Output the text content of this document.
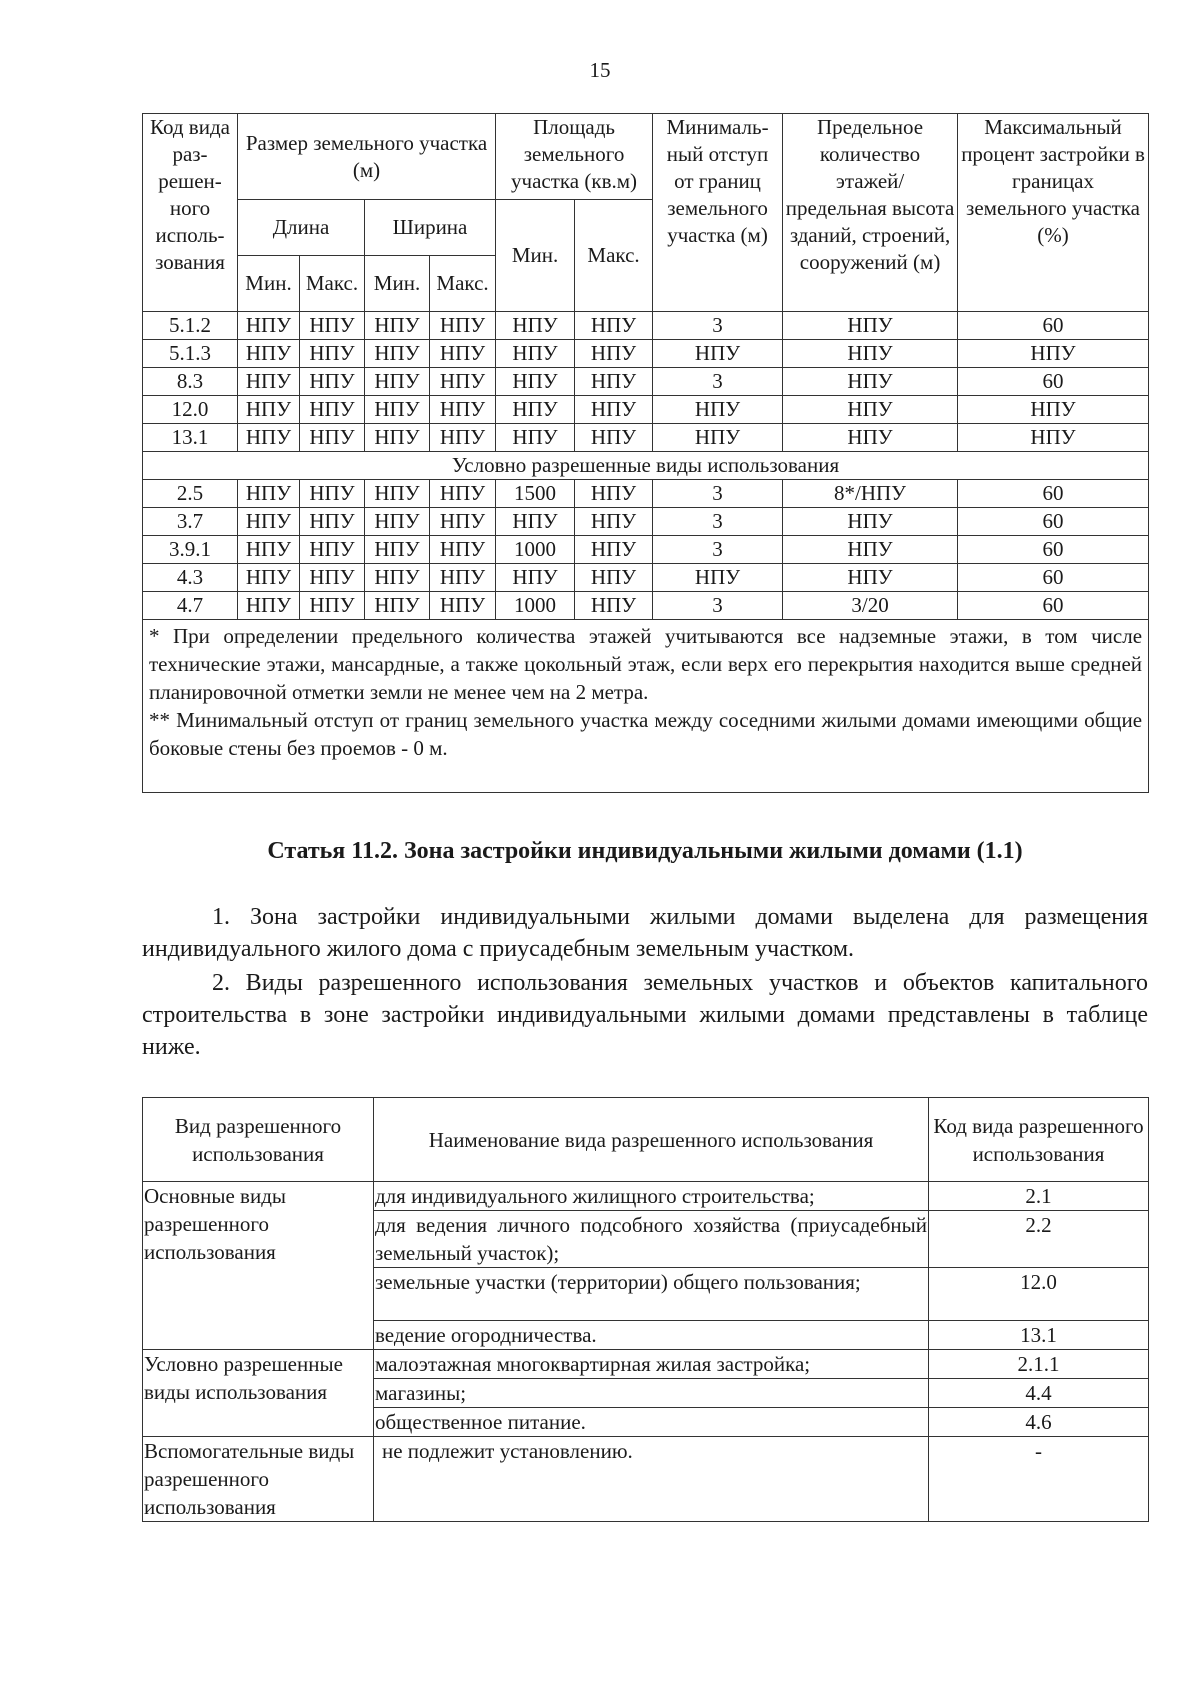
15
Код вида раз- решен- ного исполь- зования	Размер земельного участка (м)				Площадь земельного участка (кв.м)		Минималь- ный отступ от границ земельного участка (м)	Предельное количество этажей/ предельная высота зданий, строений, сооружений (м)	Максимальный процент застройки в границах земельного участка (%)
	Длина		Ширина		Мин.	Макс.			
	Мин.	Макс.	Мин.	Макс.					
5.1.2	НПУ	НПУ	НПУ	НПУ	НПУ	НПУ	3	НПУ	60
5.1.3	НПУ	НПУ	НПУ	НПУ	НПУ	НПУ	НПУ	НПУ	НПУ
8.3	НПУ	НПУ	НПУ	НПУ	НПУ	НПУ	3	НПУ	60
12.0	НПУ	НПУ	НПУ	НПУ	НПУ	НПУ	НПУ	НПУ	НПУ
13.1	НПУ	НПУ	НПУ	НПУ	НПУ	НПУ	НПУ	НПУ	НПУ
Условно разрешенные виды использования									
2.5	НПУ	НПУ	НПУ	НПУ	1500	НПУ	3	8*/НПУ	60
3.7	НПУ	НПУ	НПУ	НПУ	НПУ	НПУ	3	НПУ	60
3.9.1	НПУ	НПУ	НПУ	НПУ	1000	НПУ	3	НПУ	60
4.3	НПУ	НПУ	НПУ	НПУ	НПУ	НПУ	НПУ	НПУ	60
4.7	НПУ	НПУ	НПУ	НПУ	1000	НПУ	3	3/20	60

* При определении предельного количества этажей учитываются все надземные этажи, в том числе технические этажи, мансардные, а также цокольный этаж, если верх его перекрытия находится выше средней планировочной отметки земли не менее чем на 2 метра.

** Минимальный отступ от границ земельного участка между соседними жилыми домами имеющими общие боковые стены без проемов - 0 м.									

Статья 11.2. Зона застройки индивидуальными жилыми домами (1.1)

1. Зона застройки индивидуальными жилыми домами выделена для размещения индивидуального жилого дома с приусадебным земельным участком.

2. Виды разрешенного использования земельных участков и объектов капитального строительства в зоне застройки индивидуальными жилыми домами представлены в таблице ниже.

Вид разрешенного использования	Наименование вида разрешенного использования	Код вида разрешенного использования
Основные виды разрешенного использования	для индивидуального жилищного строительства;	2.1
	для ведения личного подсобного хозяйства (приусадебный земельный участок);	2.2
	земельные участки (территории) общего пользования;	12.0
	ведение огородничества.	13.1
Условно разрешенные виды использования	малоэтажная многоквартирная жилая застройка;	2.1.1
	магазины;	4.4
	общественное питание.	4.6
Вспомогательные виды разрешенного использования	не подлежит установлению.	-
